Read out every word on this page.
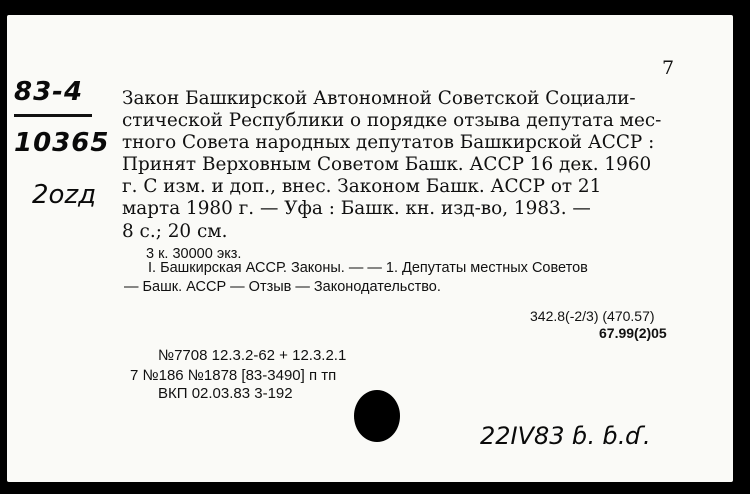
7
83-4
10365
2ozд
Закон Башкирской Автономной Советской Социали-
стической Республики о порядке отзыва депутата мес-
тного Совета народных депутатов Башкирской АССР :
Принят Верховным Советом Башк. АССР 16 дек. 1960
г. С изм. и доп., внес. Законом Башк. АССР от 21
марта 1980 г. — Уфа : Башк. кн. изд-во, 1983. —
8 с.; 20 см.
3 к. 30000 экз.
I. Башкирская АССР. Законы. — — 1. Депутаты местных Советов
— Башк. АССР — Отзыв — Законодательство.
342.8(-2/3) (470.57)
67.99(2)05
№7708 12.3.2-62 + 12.3.2.1
7 №186 №1878 [83-3490] п тп
ВКП 02.03.83 3-192
22ІV83 ɓ. ɓ.ɗ.
